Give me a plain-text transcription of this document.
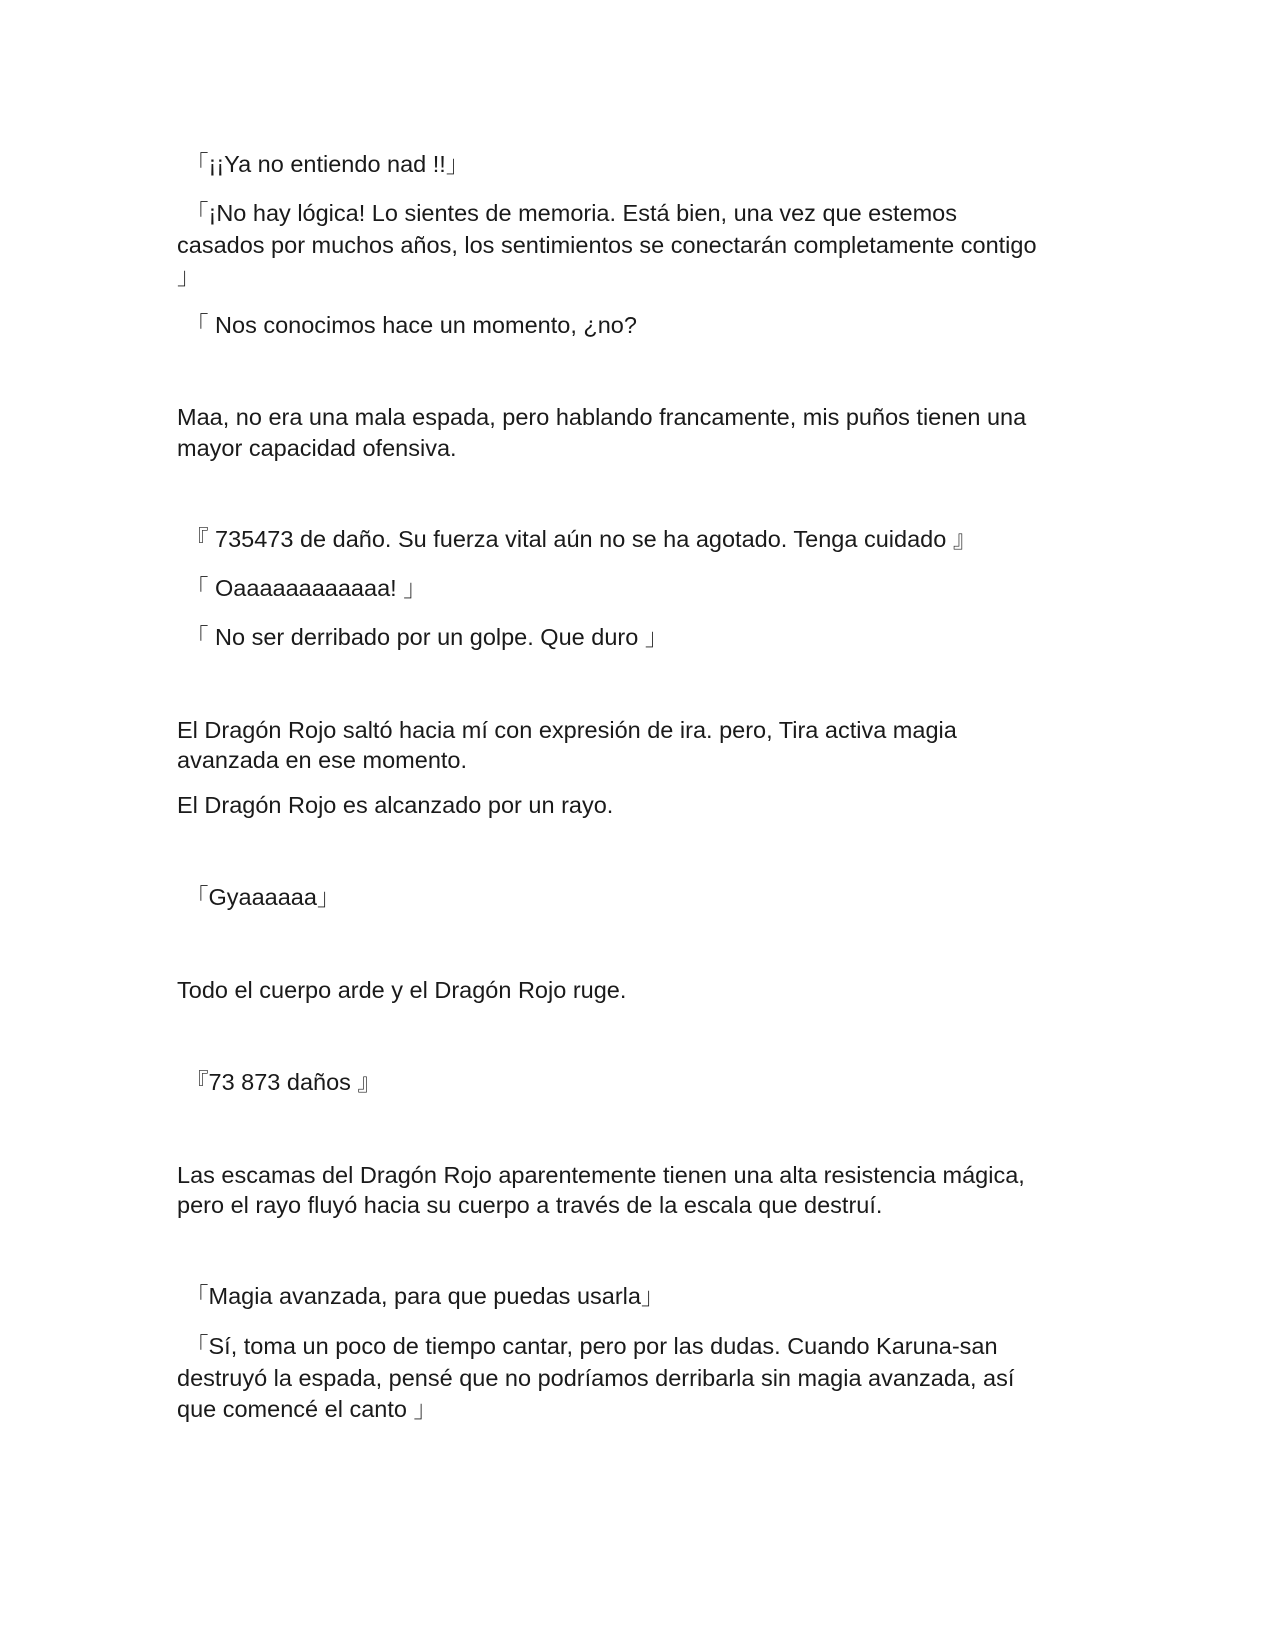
「¡¡Ya no entiendo nad !!」

「¡No hay lógica! Lo sientes de memoria. Está bien, una vez que estemos

casados por muchos años, los sentimientos se conectarán completamente contigo

」

「 Nos conocimos hace un momento, ¿no?

Maa, no era una mala espada, pero hablando francamente, mis puños tienen una

mayor capacidad ofensiva.

『 735473 de daño. Su fuerza vital aún no se ha agotado. Tenga cuidado 』

「 Oaaaaaaaaaaaa! 」

「 No ser derribado por un golpe. Que duro 」

El Dragón Rojo saltó hacia mí con expresión de ira. pero, Tira activa magia

avanzada en ese momento.

El Dragón Rojo es alcanzado por un rayo.

「Gyaaaaaa」

Todo el cuerpo arde y el Dragón Rojo ruge.

『73 873 daños 』

Las escamas del Dragón Rojo aparentemente tienen una alta resistencia mágica,

pero el rayo fluyó hacia su cuerpo a través de la escala que destruí.

「Magia avanzada, para que puedas usarla」

「Sí, toma un poco de tiempo cantar, pero por las dudas. Cuando Karuna-san

destruyó la espada, pensé que no podríamos derribarla sin magia avanzada, así

que comencé el canto 」
